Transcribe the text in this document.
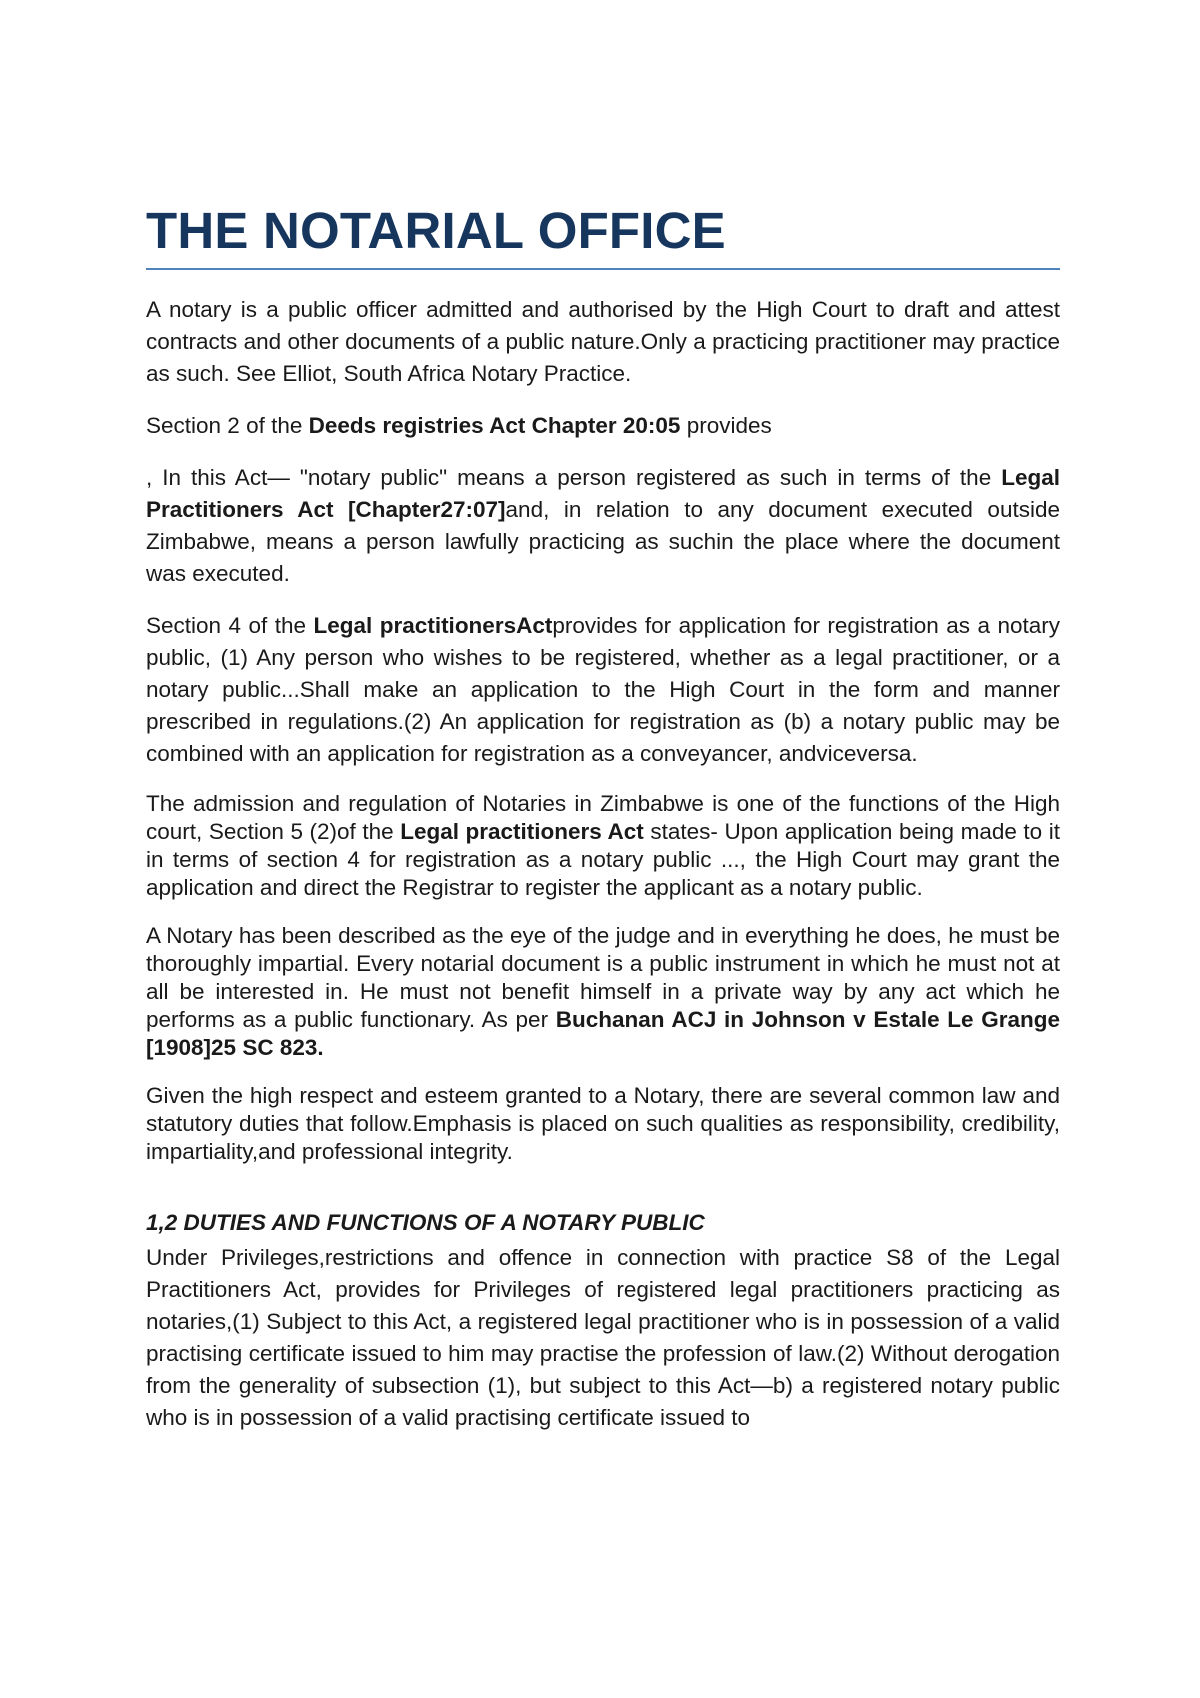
THE NOTARIAL OFFICE

A notary is a public officer admitted and authorised by the High Court to draft and attest contracts and other documents of a public nature.Only a practicing practitioner may practice as such. See Elliot, South Africa Notary Practice.

Section 2 of the Deeds registries Act Chapter 20:05 provides

, In this Act— "notary public" means a person registered as such in terms of the Legal Practitioners Act [Chapter27:07]and, in relation to any document executed outside Zimbabwe, means a person lawfully practicing as suchin the place where the document was executed.

Section 4 of the Legal practitionersActprovides for application for registration as a notary public, (1) Any person who wishes to be registered, whether as a legal practitioner, or a notary public...Shall make an application to the High Court in the form and manner prescribed in regulations.(2) An application for registration as (b) a notary public may be combined with an application for registration as a conveyancer, andviceversa.

The admission and regulation of Notaries in Zimbabwe is one of the functions of the High court, Section 5 (2)of the Legal practitioners Act states- Upon application being made to it in terms of section 4 for registration as a notary public ..., the High Court may grant the application and direct the Registrar to register the applicant as a notary public.

A Notary has been described as the eye of the judge and in everything he does, he must be thoroughly impartial. Every notarial document is a public instrument in which he must not at all be interested in. He must not benefit himself in a private way by any act which he performs as a public functionary. As per Buchanan ACJ in Johnson v Estale Le Grange [1908]25 SC 823.

Given the high respect and esteem granted to a Notary, there are several common law and statutory duties that follow.Emphasis is placed on such qualities as responsibility, credibility, impartiality,and professional integrity.

1,2 DUTIES AND FUNCTIONS OF A NOTARY PUBLIC

Under Privileges,restrictions and offence in connection with practice S8 of the Legal Practitioners Act, provides for Privileges of registered legal practitioners practicing as notaries,(1) Subject to this Act, a registered legal practitioner who is in possession of a valid practising certificate issued to him may practise the profession of law.(2) Without derogation from the generality of subsection (1), but subject to this Act—b) a registered notary public who is in possession of a valid practising certificate issued to
